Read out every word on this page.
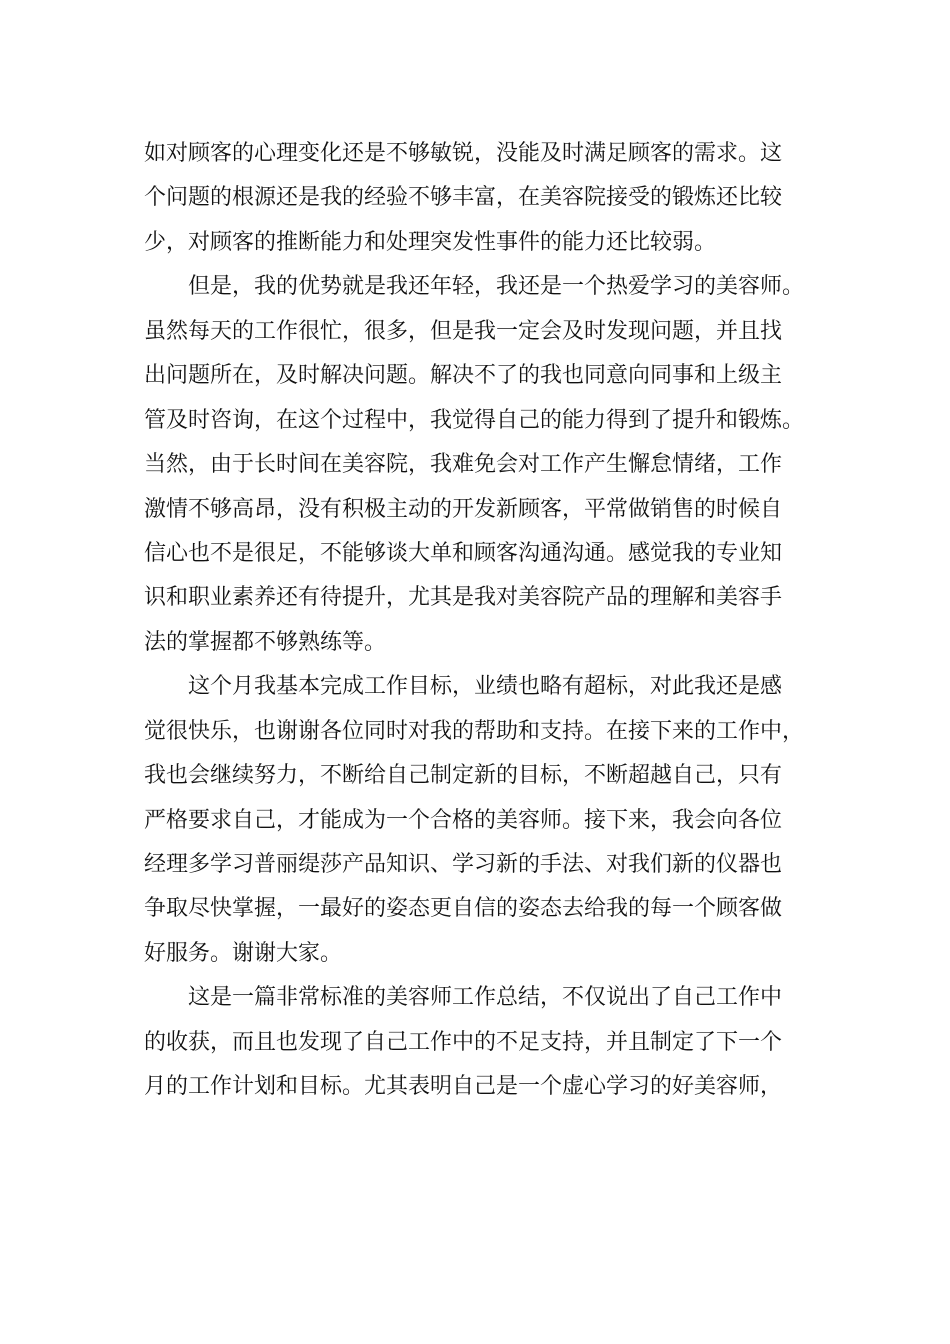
如对顾客的心理变化还是不够敏锐，没能及时满足顾客的需求。这
个问题的根源还是我的经验不够丰富，在美容院接受的锻炼还比较
少，对顾客的推断能力和处理突发性事件的能力还比较弱。
但是，我的优势就是我还年轻，我还是一个热爱学习的美容师。
虽然每天的工作很忙，很多，但是我一定会及时发现问题，并且找
出问题所在，及时解决问题。解决不了的我也同意向同事和上级主
管及时咨询，在这个过程中，我觉得自己的能力得到了提升和锻炼。
当然，由于长时间在美容院，我难免会对工作产生懈怠情绪，工作
激情不够高昂，没有积极主动的开发新顾客，平常做销售的时候自
信心也不是很足，不能够谈大单和顾客沟通沟通。感觉我的专业知
识和职业素养还有待提升，尤其是我对美容院产品的理解和美容手
法的掌握都不够熟练等。
这个月我基本完成工作目标，业绩也略有超标，对此我还是感
觉很快乐，也谢谢各位同时对我的帮助和支持。在接下来的工作中，
我也会继续努力，不断给自己制定新的目标，不断超越自己，只有
严格要求自己，才能成为一个合格的美容师。接下来，我会向各位
经理多学习普丽缇莎产品知识、学习新的手法、对我们新的仪器也
争取尽快掌握，一最好的姿态更自信的姿态去给我的每一个顾客做
好服务。谢谢大家。
这是一篇非常标准的美容师工作总结，不仅说出了自己工作中
的收获，而且也发现了自己工作中的不足支持，并且制定了下一个
月的工作计划和目标。尤其表明自己是一个虚心学习的好美容师，
